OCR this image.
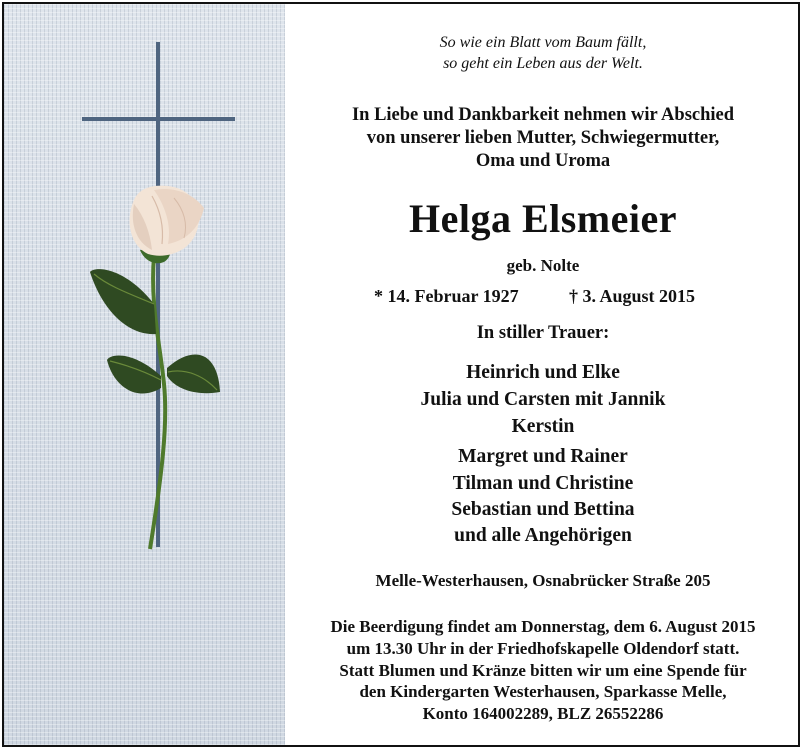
So wie ein Blatt vom Baum fällt,
so geht ein Leben aus der Welt.
In Liebe und Dankbarkeit nehmen wir Abschied
von unserer lieben Mutter, Schwiegermutter,
Oma und Uroma
Helga Elsmeier
geb. Nolte
* 14. Februar 1927	† 3. August 2015
In stiller Trauer:
Heinrich und Elke
Julia und Carsten mit Jannik
Kerstin
Margret und Rainer
Tilman und Christine
Sebastian und Bettina
und alle Angehörigen
Melle-Westerhausen, Osnabrücker Straße 205
Die Beerdigung findet am Donnerstag, dem 6. August 2015
um 13.30 Uhr in der Friedhofskapelle Oldendorf statt.
Statt Blumen und Kränze bitten wir um eine Spende für
den Kindergarten Westerhausen, Sparkasse Melle,
Konto 164002289, BLZ 26552286
